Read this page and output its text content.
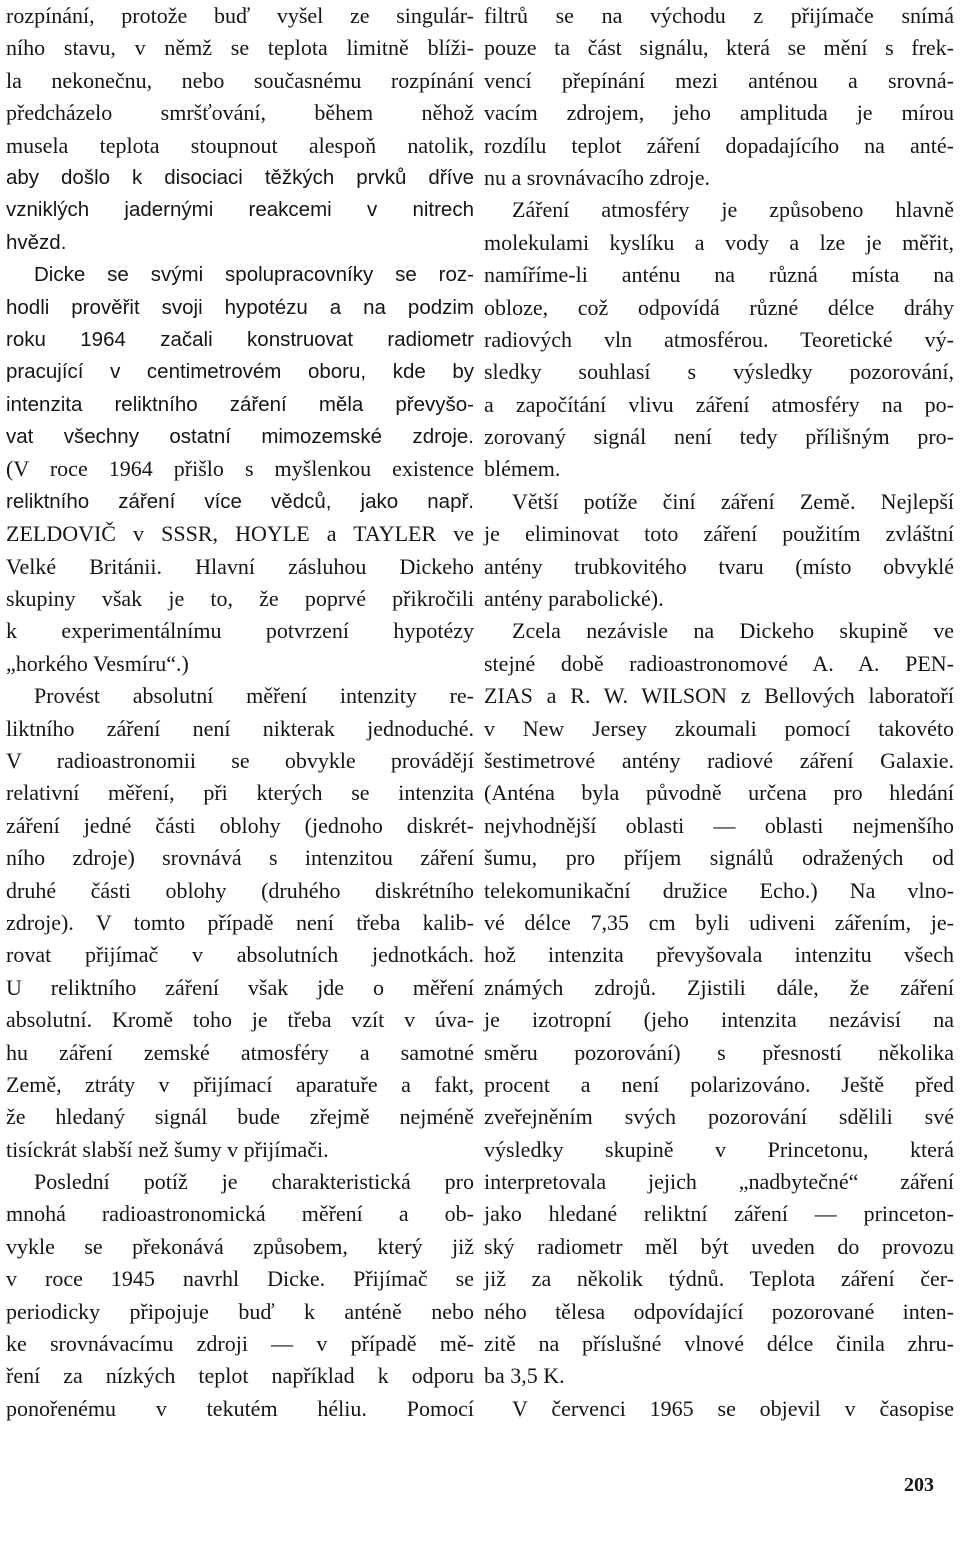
rozpínání, protože buď vyšel ze singulár-
ního stavu, v němž se teplota limitně blíži-
la nekonečnu, nebo současnému rozpínání
předcházelo smršťování, během něhož
musela teplota stoupnout alespoň natolik,
aby došlo k disociaci těžkých prvků dříve
vzniklých jadernými reakcemi v nitrech
hvězd.
Dicke se svými spolupracovníky se roz-
hodli prověřit svoji hypotézu a na podzim
roku 1964 začali konstruovat radiometr
pracující v centimetrovém oboru, kde by
intenzita reliktního záření měla převyšo-
vat všechny ostatní mimozemské zdroje.
(V roce 1964 přišlo s myšlenkou existence
reliktního záření více vědců, jako např.
ZELDOVIČ v SSSR, HOYLE a TAYLER ve
Velké Británii. Hlavní zásluhou Dickeho
skupiny však je to, že poprvé přikročili
k experimentálnímu potvrzení hypotézy
„horkého Vesmíru“.)
Provést absolutní měření intenzity re-
liktního záření není nikterak jednoduché.
V radioastronomii se obvykle provádějí
relativní měření, při kterých se intenzita
záření jedné části oblohy (jednoho diskrét-
ního zdroje) srovnává s intenzitou záření
druhé části oblohy (druhého diskrétního
zdroje). V tomto případě není třeba kalib-
rovat přijímač v absolutních jednotkách.
U reliktního záření však jde o měření
absolutní. Kromě toho je třeba vzít v úva-
hu záření zemské atmosféry a samotné
Země, ztráty v přijímací aparatuře a fakt,
že hledaný signál bude zřejmě nejméně
tisíckrát slabší než šumy v přijímači.
Poslední potíž je charakteristická pro
mnohá radioastronomická měření a ob-
vykle se překonává způsobem, který již
v roce 1945 navrhl Dicke. Přijímač se
periodicky připojuje buď k anténě nebo
ke srovnávacímu zdroji — v případě mě-
ření za nízkých teplot například k odporu
ponořenému v tekutém héliu. Pomocí
filtrů se na východu z přijímače snímá
pouze ta část signálu, která se mění s frek-
vencí přepínání mezi anténou a srovná-
vacím zdrojem, jeho amplituda je mírou
rozdílu teplot záření dopadajícího na anté-
nu a srovnávacího zdroje.
Záření atmosféry je způsobeno hlavně
molekulami kyslíku a vody a lze je měřit,
namíříme-li anténu na různá místa na
obloze, což odpovídá různé délce dráhy
radiových vln atmosférou. Teoretické vý-
sledky souhlasí s výsledky pozorování,
a započítání vlivu záření atmosféry na po-
zorovaný signál není tedy přílišným pro-
blémem.
Větší potíže činí záření Země. Nejlepší
je eliminovat toto záření použitím zvláštní
antény trubkovitého tvaru (místo obvyklé
antény parabolické).
Zcela nezávisle na Dickeho skupině ve
stejné době radioastronomové A. A. PEN-
ZIAS a R. W. WILSON z Bellových laboratoří
v New Jersey zkoumali pomocí takovéto
šestimetrové antény radiové záření Galaxie.
(Anténa byla původně určena pro hledání
nejvhodnější oblasti — oblasti nejmenšího
šumu, pro příjem signálů odražených od
telekomunikační družice Echo.) Na vlno-
vé délce 7,35 cm byli udiveni zářením, je-
hož intenzita převyšovala intenzitu všech
známých zdrojů. Zjistili dále, že záření
je izotropní (jeho intenzita nezávisí na
směru pozorování) s přesností několika
procent a není polarizováno. Ještě před
zveřejněním svých pozorování sdělili své
výsledky skupině v Princetonu, která
interpretovala jejich „nadbytečné“ záření
jako hledané reliktní záření — princeton-
ský radiometr měl být uveden do provozu
již za několik týdnů. Teplota záření čer-
ného tělesa odpovídající pozorované inten-
zitě na příslušné vlnové délce činila zhru-
ba 3,5 K.
V červenci 1965 se objevil v časopise
203
